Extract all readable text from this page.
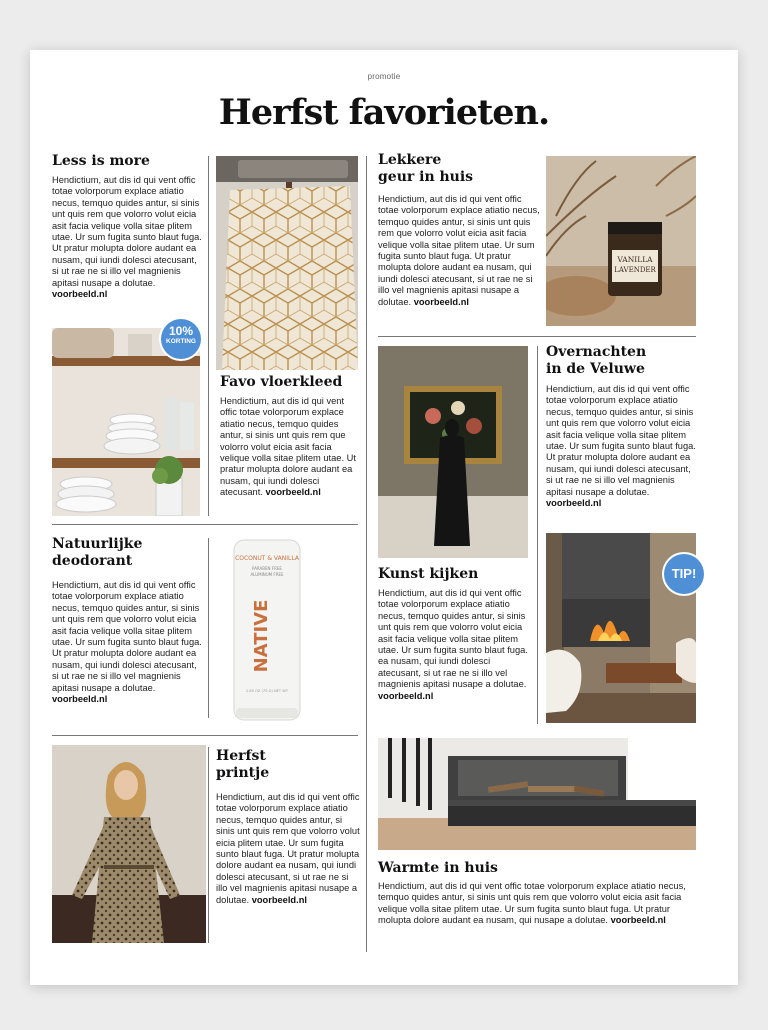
promotie
Herfst favorieten.
Less is more
Hendictium, aut dis id qui vent offic totae volorporum explace atiatio necus, temquo quides antur, si sinis unt quis rem que volorro volut eicia asit facia velique volla sitae plitem utae. Ur sum fugita sunto blaut fuga. Ut pratur molupta dolore audant ea nusam, qui iundi dolesci atecusant, si ut rae ne si illo vel magnienis apitasi nusape a dolutae. voorbeeld.nl
10%
KORTING
Favo vloerkleed
Hendictium, aut dis id qui vent offic totae volorporum explace atiatio necus, temquo quides antur, si sinis unt quis rem que volorro volut eicia asit facia velique volla sitae plitem utae. Ut pratur molupta dolore audant ea nusam, qui iundi dolesci atecusant. voorbeeld.nl
Lekkere
geur in huis
Hendictium, aut dis id qui vent offic totae volorporum explace atiatio necus, temquo quides antur, si sinis unt quis rem que volorro volut eicia asit facia velique volla sitae plitem utae. Ur sum fugita sunto blaut fuga. Ut pratur molupta dolore audant ea nusam, qui iundi dolesci atecusant, si ut rae ne si illo vel magnienis apitasi nusape a dolutae. voorbeeld.nl
VANILLA
LAVENDER
Overnachten
in de Veluwe
Hendictium, aut dis id qui vent offic totae volorporum explace atiatio necus, temquo quides antur, si sinis unt quis rem que volorro volut eicia asit facia velique volla sitae plitem utae. Ur sum fugita sunto blaut fuga. Ut pratur molupta dolore audant ea nusam, qui iundi dolesci atecusant, si ut rae ne si illo vel magnienis apitasi nusape a dolutae. voorbeeld.nl
TIP!
Natuurlijke
deodorant
Hendictium, aut dis id qui vent offic totae volorporum explace atiatio necus, temquo quides antur, si sinis unt quis rem que volorro volut eicia asit facia velique volla sitae plitem utae. Ur sum fugita sunto blaut fuga. Ut pratur molupta dolore audant ea nusam, qui iundi dolesci atecusant, si ut rae ne si illo vel magnienis apitasi nusape a dolutae. voorbeeld.nl
COCONUT & VANILLA
PARABEN FREE
ALUMINUM FREE
NATIVE
2.65 OZ (75 G) NET WT
Kunst kijken
Hendictium, aut dis id qui vent offic totae volorporum explace atiatio necus, temquo quides antur, si sinis unt quis rem que volorro volut eicia asit facia velique volla sitae plitem utae. Ur sum fugita sunto blaut fuga. ea nusam, qui iundi dolesci atecusant, si ut rae ne si illo vel magnienis apitasi nusape a dolutae. voorbeeld.nl
Herfst
printje
Hendictium, aut dis id qui vent offic totae volorporum explace atiatio necus, temquo quides antur, si sinis unt quis rem que volorro volut eicia plitem utae. Ur sum fugita sunto blaut fuga. Ut pratur molupta dolore audant ea nusam, qui iundi dolesci atecusant, si ut rae ne si illo vel magnienis apitasi nusape a dolutae. voorbeeld.nl
Warmte in huis
Hendictium, aut dis id qui vent offic totae volorporum explace atiatio necus, temquo quides antur, si sinis unt quis rem que volorro volut eicia asit facia velique volla sitae plitem utae. Ur sum fugita sunto blaut fuga. Ut pratur molupta dolore audant ea nusam, qui nusape a dolutae. voorbeeld.nl
